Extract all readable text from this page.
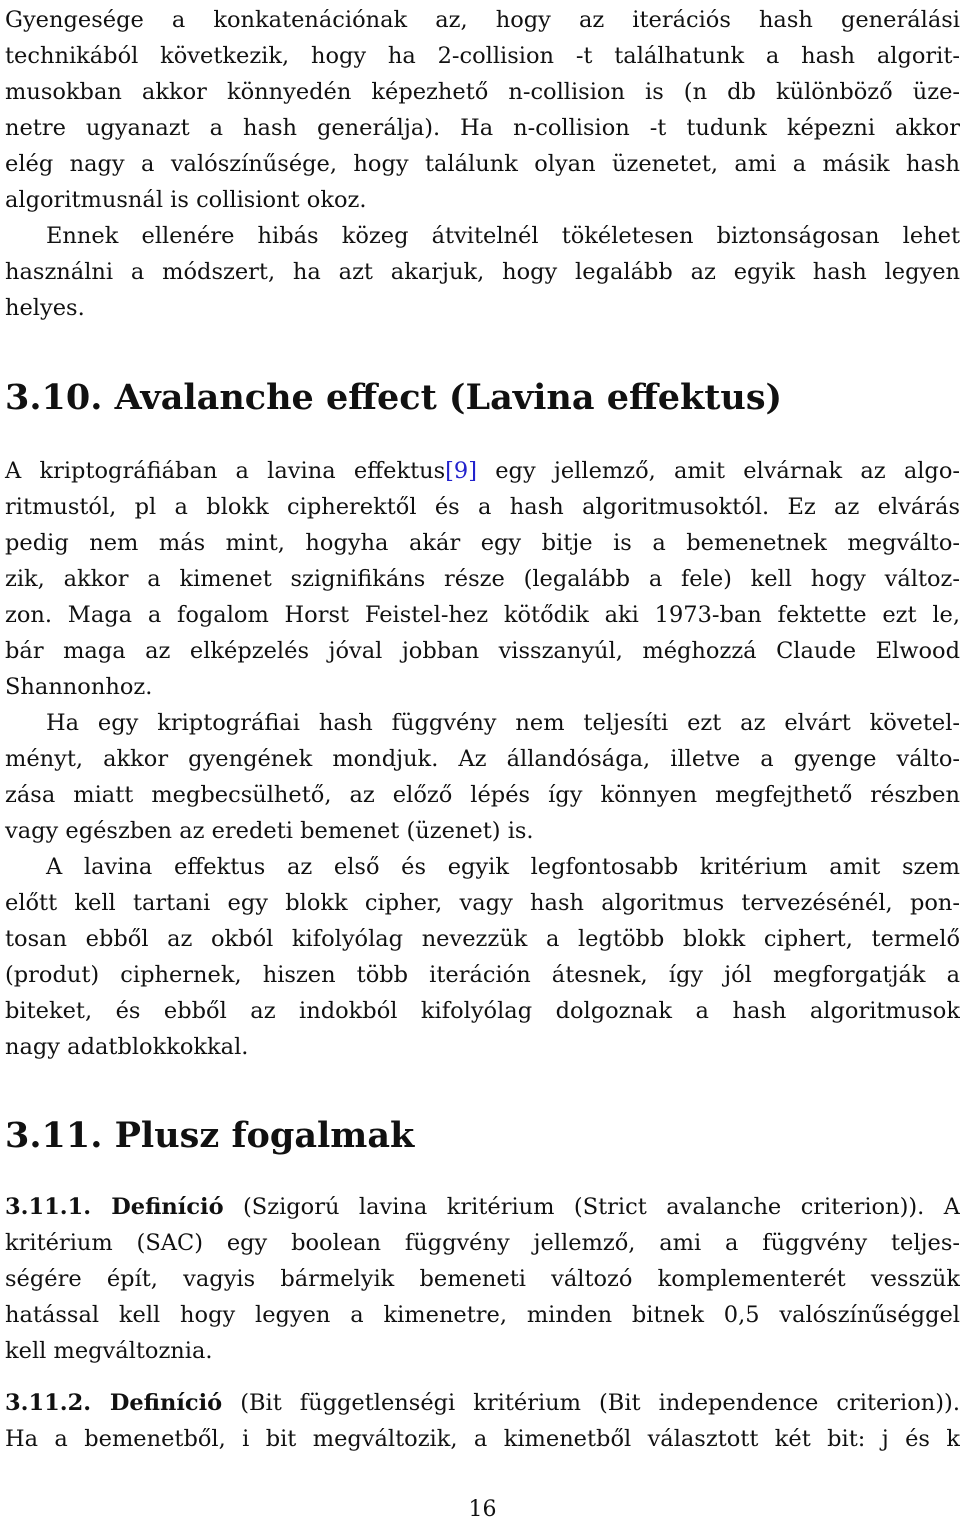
Gyengesége a konkatenációnak az, hogy az iterációs hash generálási
technikából következik, hogy ha 2-collision -t találhatunk a hash algorit-
musokban akkor könnyedén képezhető n-collision is (n db különböző üze-
netre ugyanazt a hash generálja). Ha n-collision -t tudunk képezni akkor
elég nagy a valószínűsége, hogy találunk olyan üzenetet, ami a másik hash
algoritmusnál is collisiont okoz.
Ennek ellenére hibás közeg átvitelnél tökéletesen biztonságosan lehet
használni a módszert, ha azt akarjuk, hogy legalább az egyik hash legyen
helyes.
3.10. Avalanche effect (Lavina effektus)
A kriptográfiában a lavina effektus[9] egy jellemző, amit elvárnak az algo-
ritmustól, pl a blokk cipherektől és a hash algoritmusoktól. Ez az elvárás
pedig nem más mint, hogyha akár egy bitje is a bemenetnek megválto-
zik, akkor a kimenet szignifikáns része (legalább a fele) kell hogy változ-
zon. Maga a fogalom Horst Feistel-hez kötődik aki 1973-ban fektette ezt le,
bár maga az elképzelés jóval jobban visszanyúl, méghozzá Claude Elwood
Shannonhoz.
Ha egy kriptográfiai hash függvény nem teljesíti ezt az elvárt követel-
ményt, akkor gyengének mondjuk. Az állandósága, illetve a gyenge válto-
zása miatt megbecsülhető, az előző lépés így könnyen megfejthető részben
vagy egészben az eredeti bemenet (üzenet) is.
A lavina effektus az első és egyik legfontosabb kritérium amit szem
előtt kell tartani egy blokk cipher, vagy hash algoritmus tervezésénél, pon-
tosan ebből az okból kifolyólag nevezzük a legtöbb blokk ciphert, termelő
(produt) ciphernek, hiszen több iteráción átesnek, így jól megforgatják a
biteket, és ebből az indokból kifolyólag dolgoznak a hash algoritmusok
nagy adatblokkokkal.
3.11. Plusz fogalmak
3.11.1. Definíció (Szigorú lavina kritérium (Strict avalanche criterion)). A
kritérium (SAC) egy boolean függvény jellemző, ami a függvény teljes-
ségére épít, vagyis bármelyik bemeneti változó komplementerét vesszük
hatással kell hogy legyen a kimenetre, minden bitnek 0,5 valószínűséggel
kell megváltoznia.
3.11.2. Definíció (Bit függetlenségi kritérium (Bit independence criterion)).
Ha a bemenetből, i bit megváltozik, a kimenetből választott két bit: j és k
16
